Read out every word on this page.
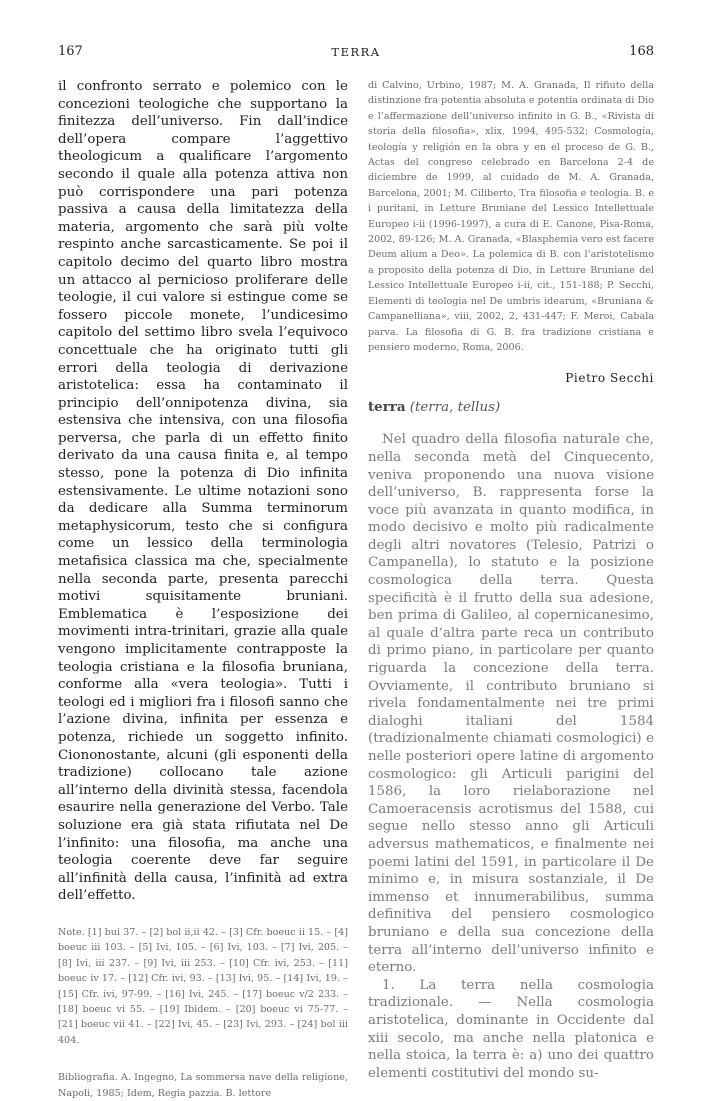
167	TERRA	168

il confronto serrato e polemico con le concezioni teologiche che supportano la finitezza dell’universo. Fin dall’indice dell’opera compare l’aggettivo theologicum a qualificare l’argomento secondo il quale alla potenza attiva non può corrispondere una pari potenza passiva a causa della limitatezza della materia, argomento che sarà più volte respinto anche sarcasticamente. Se poi il capitolo decimo del quarto libro mostra un attacco al pernicioso proliferare delle teologie, il cui valore si estingue come se fossero piccole monete, l’undicesimo capitolo del settimo libro svela l’equivoco concettuale che ha originato tutti gli errori della teologia di derivazione aristotelica: essa ha contaminato il principio dell’onnipotenza divina, sia estensiva che intensiva, con una filosofia perversa, che parla di un effetto finito derivato da una causa finita e, al tempo stesso, pone la potenza di Dio infinita estensivamente. Le ultime notazioni sono da dedicare alla Summa terminorum metaphysicorum, testo che si configura come un lessico della terminologia metafisica classica ma che, specialmente nella seconda parte, presenta parecchi motivi squisitamente bruniani. Emblematica è l’esposizione dei movimenti intra-trinitari, grazie alla quale vengono implicitamente contrapposte la teologia cristiana e la filosofia bruniana, conforme alla «vera teologia». Tutti i teologi ed i migliori fra i filosofi sanno che l’azione divina, infinita per essenza e potenza, richiede un soggetto infinito. Ciononostante, alcuni (gli esponenti della tradizione) collocano tale azione all’interno della divinità stessa, facendola esaurire nella generazione del Verbo. Tale soluzione era già stata rifiutata nel De l’infinito: una filosofia, ma anche una teologia coerente deve far seguire all’infinità della causa, l’infinità ad extra dell’effetto.

Note. [1] bui 37. – [2] bol ii,ii 42. – [3] Cfr. boeuc ii 15. – [4] boeuc iii 103. – [5] Ivi, 105. – [6] Ivi, 103. – [7] Ivi, 205. – [8] Ivi, iii 237. – [9] Ivi, iii 253. – [10] Cfr. ivi, 253. – [11] boeuc iv 17. – [12] Cfr. ivi, 93. – [13] Ivi, 95. – [14] Ivi, 19. – [15] Cfr. ivi, 97-99. – [16] Ivi, 245. – [17] boeuc v/2 233. – [18] boeuc vi 55. – [19] Ibidem. – [20] boeuc vi 75-77. – [21] boeuc vii 41. – [22] Ivi, 45. – [23] Ivi, 293. – [24] bol iii 404.

Bibliografia. A. Ingegno, La sommersa nave della religione, Napoli, 1985; Idem, Regia pazzia. B. lettore

di Calvino, Urbino, 1987; M. A. Granada, Il rifiuto della distinzione fra potentia absoluta e potentia ordinata di Dio e l’affermazione dell’universo infinito in G. B., «Rivista di storia della filosofia», xlix, 1994, 495-532; Cosmología, teología y religión en la obra y en el proceso de G. B., Actas del congreso celebrado en Barcelona 2-4 de diciembre de 1999, al cuidado de M. A. Granada, Barcelona, 2001; M. Ciliberto, Tra filosofia e teologia. B. e i puritani, in Letture Bruniane del Lessico Intellettuale Europeo i-ii (1996-1997), a cura di E. Canone, Pisa-Roma, 2002, 89-126; M. A. Granada, «Blasphemia vero est facere Deum alium a Deo». La polemica di B. con l’aristotelismo a proposito della potenza di Dio, in Letture Bruniane del Lessico Intellettuale Europeo i-ii, cit., 151-188; P. Secchi, Elementi di teologia nel De umbris idearum, «Bruniana & Campanelliana», viii, 2002, 2, 431-447; F. Meroi, Cabala parva. La filosofia di G. B. fra tradizione cristiana e pensiero moderno, Roma, 2006.

Pietro Secchi
terra (terra, tellus)

Nel quadro della filosofia naturale che, nella seconda metà del Cinquecento, veniva proponendo una nuova visione dell’universo, B. rappresenta forse la voce più avanzata in quanto modifica, in modo decisivo e molto più radicalmente degli altri novatores (Telesio, Patrizi o Campanella), lo statuto e la posizione cosmologica della terra. Questa specificità è il frutto della sua adesione, ben prima di Galileo, al copernicanesimo, al quale d’altra parte reca un contributo di primo piano, in particolare per quanto riguarda la concezione della terra. Ovviamente, il contributo bruniano si rivela fondamentalmente nei tre primi dialoghi italiani del 1584 (tradizionalmente chiamati cosmologici) e nelle posteriori opere latine di argomento cosmologico: gli Articuli parigini del 1586, la loro rielaborazione nel Camoeracensis acrotismus del 1588, cui segue nello stesso anno gli Articuli adversus mathematicos, e finalmente nei poemi latini del 1591, in particolare il De minimo e, in misura sostanziale, il De immenso et innumerabilibus, summa definitiva del pensiero cosmologico bruniano e della sua concezione della terra all’interno dell’universo infinito e eterno.

1. La terra nella cosmologia tradizionale. — Nella cosmologia aristotelica, dominante in Occidente dal xiii secolo, ma anche nella platonica e nella stoica, la terra è: a) uno dei quattro elementi costitutivi del mondo su-
